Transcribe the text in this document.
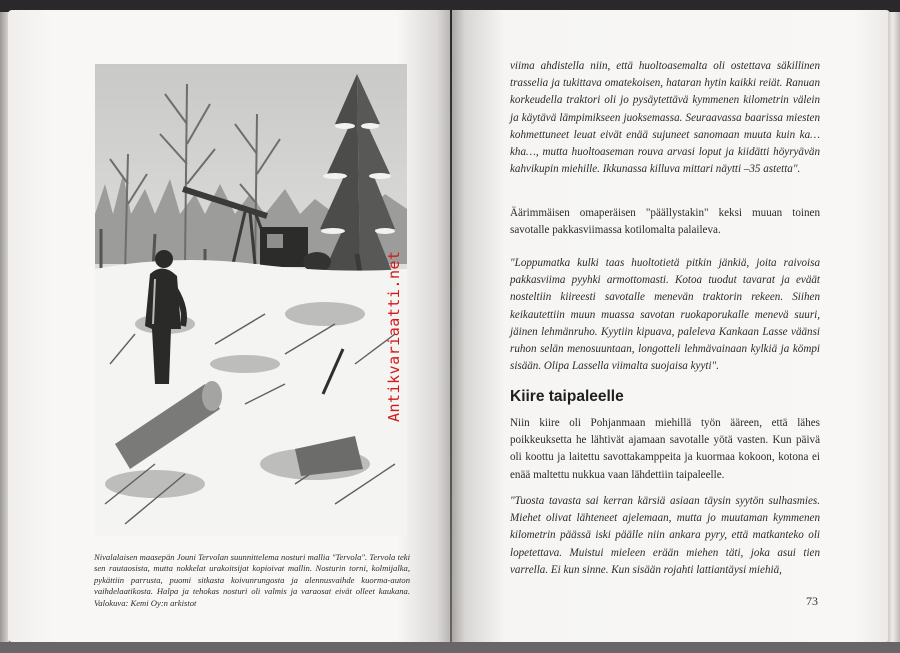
Antikvariaatti.net

Nivalalaisen maasepän Jouni Tervolan suunnittelema nosturi mallia "Tervola". Tervola teki sen rautaosista, mutta nokkelat urakoitsijat kopioivat mallin. Nosturin torni, kolmijalka, pykättiin parrusta, puomi sitkasta koivunrungosta ja alennusvaihde kuorma-auton vaihdelaatikosta. Halpa ja tehokas nosturi oli valmis ja varaosat eivät olleet kaukana. Valokuva: Kemi Oy:n arkistot

viima ahdistella niin, että huoltoasemalta oli ostettava säkillinen trasselia ja tukittava omatekoisen, hataran hytin kaikki reiät. Ranuan korkeudella traktori oli jo pysäytettävä kymmenen kilometrin välein ja käytävä lämpimikseen juoksemassa. Seuraavassa baarissa miesten kohmettuneet leuat eivät enää sujuneet sanomaan muuta kuin ka… kha…, mutta huoltoaseman rouva arvasi loput ja kiidätti höyryävän kahvikupin miehille. Ikkunassa killuva mittari näytti –35 astetta".

Äärimmäisen omaperäisen "päällystakin" keksi muuan toinen savotalle pakkasviimassa kotilomalta palaileva.

"Loppumatka kulki taas huoltotietä pitkin jänkiä, joita raivoisa pakkasviima pyyhki armottomasti. Kotoa tuodut tavarat ja eväät nosteltiin kiireesti savotalle menevän traktorin rekeen. Siihen keikautettiin muun muassa savotan ruokaporukalle menevä suuri, jäinen lehmänruho. Kyytiin kipuava, paleleva Kankaan Lasse väänsi ruhon selän menosuuntaan, longotteli lehmävainaan kylkiä ja kömpi sisään. Olipa Lassella viimalta suojaisa kyyti".

Kiire taipaleelle

Niin kiire oli Pohjanmaan miehillä työn ääreen, että lähes poikkeuksetta he lähtivät ajamaan savotalle yötä vasten. Kun päivä oli koottu ja laitettu savottakamppeita ja kuormaa kokoon, kotona ei enää maltettu nukkua vaan lähdettiin taipaleelle.

"Tuosta tavasta sai kerran kärsiä asiaan täysin syytön sulhasmies. Miehet olivat lähteneet ajelemaan, mutta jo muutaman kymmenen kilometrin päässä iski päälle niin ankara pyry, että matkanteko oli lopetettava. Muistui mieleen erään miehen täti, joka asui tien varrella. Ei kun sinne. Kun sisään rojahti lattiantäysi miehiä,

73
